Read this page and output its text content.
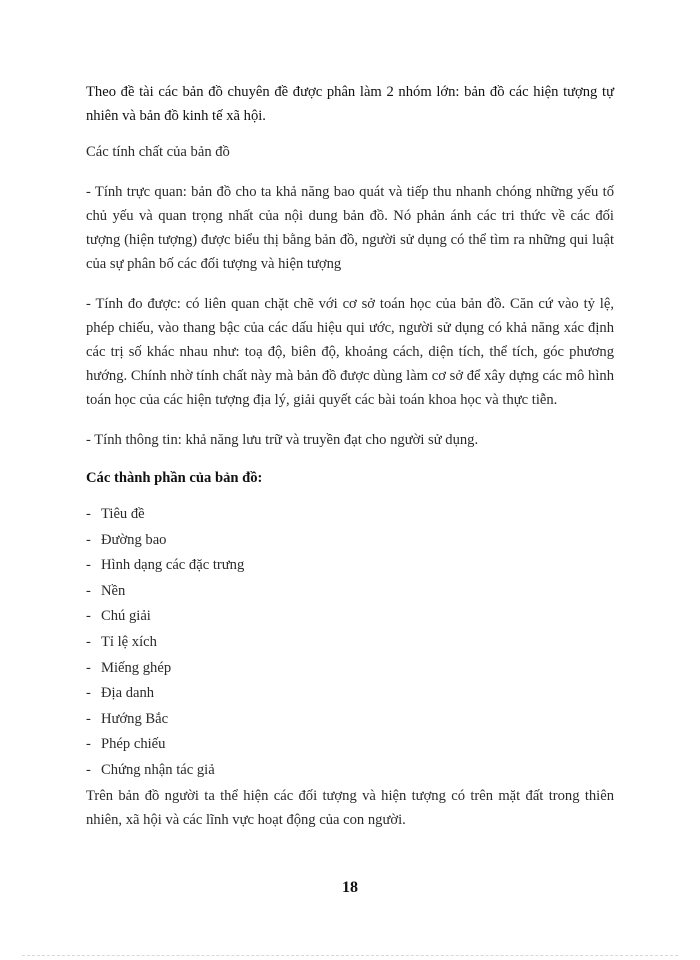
Theo đề tài các bản đồ chuyên đề được phân làm 2 nhóm lớn: bản đồ các hiện tượng tự nhiên và bản đồ kinh tế xã hội.

Các tính chất của bản đồ

- Tính trực quan: bản đồ cho ta khả năng bao quát và tiếp thu nhanh chóng những yếu tố chủ yếu và quan trọng nhất của nội dung bản đồ. Nó phản ánh các tri thức về các đối tượng (hiện tượng) được biểu thị bằng bản đồ, người sử dụng có thể tìm ra những qui luật của sự phân bố các đối tượng và hiện tượng

- Tính đo được: có liên quan chặt chẽ với cơ sở toán học của bản đồ. Căn cứ vào tỷ lệ, phép chiếu, vào thang bậc của các dấu hiệu qui ước, người sử dụng có khả năng xác định các trị số khác nhau như: toạ độ, biên độ, khoảng cách, diện tích, thể tích, góc phương hướng. Chính nhờ tính chất này mà bản đồ được dùng làm cơ sở để xây dựng các mô hình toán học của các hiện tượng địa lý, giải quyết các bài toán khoa học và thực tiễn.

- Tính thông tin: khả năng lưu trữ và truyền đạt cho người sử dụng.

Các thành phần của bản đồ:

- Tiêu đề
- Đường bao
- Hình dạng các đặc trưng
- Nền
- Chú giải
- Tỉ lệ xích
- Miếng ghép
- Địa danh
- Hướng Bắc
- Phép chiếu
- Chứng nhận tác giả

Trên bản đồ người ta thể hiện các đối tượng và hiện tượng có trên mặt đất trong thiên nhiên, xã hội và các lĩnh vực hoạt động của con người.

18
